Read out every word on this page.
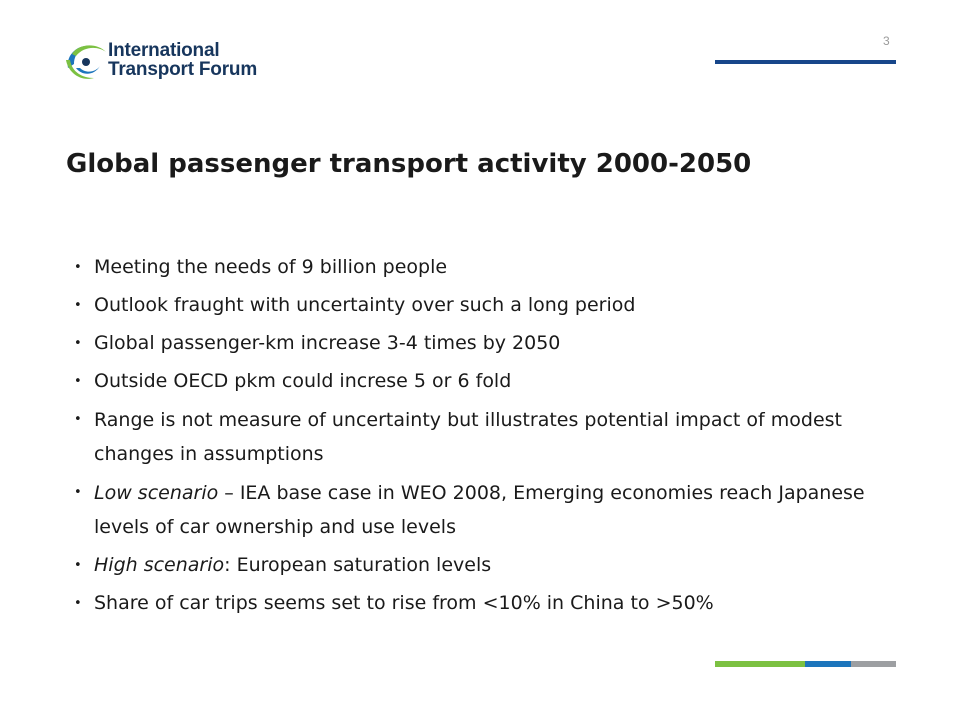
International
Transport Forum
3
Global passenger transport activity 2000-2050
• Meeting the needs of 9 billion people
• Outlook fraught with uncertainty over such a long period
• Global passenger-km increase 3-4 times by 2050
• Outside OECD pkm could increse 5 or 6 fold
• Range is not measure of uncertainty but illustrates potential impact of modest changes in assumptions
• Low scenario – IEA base case in WEO 2008, Emerging economies reach Japanese levels of car ownership and use levels
• High scenario: European saturation levels
• Share of car trips seems set to rise from <10% in China to >50%
